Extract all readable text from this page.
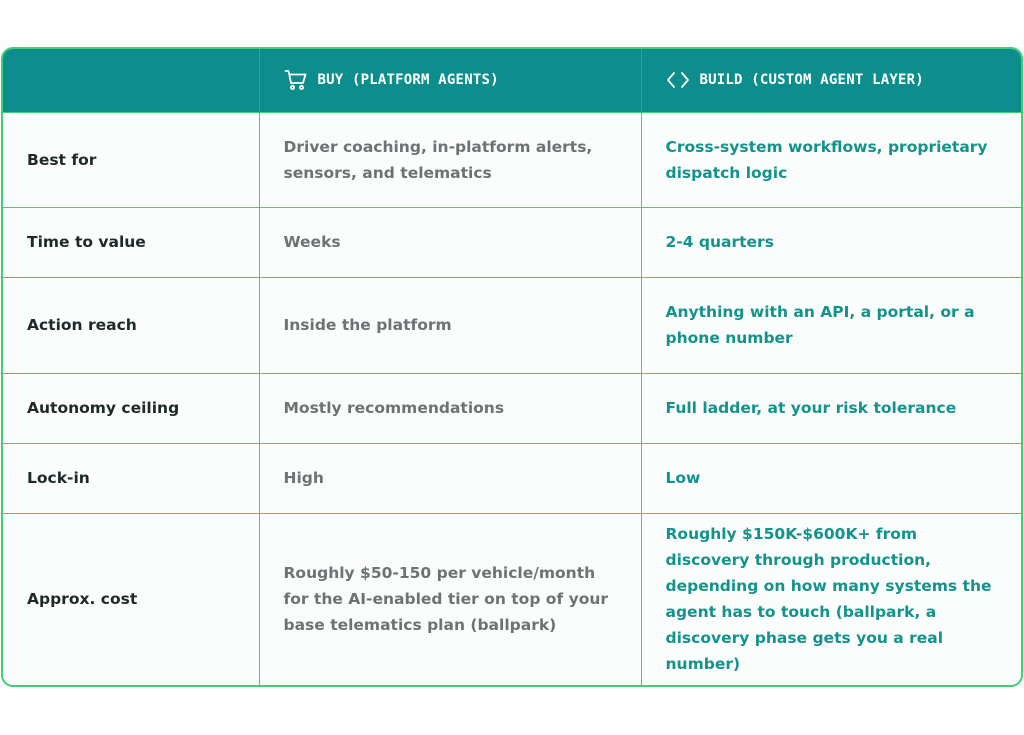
	BUY (PLATFORM AGENTS)	BUILD (CUSTOM AGENT LAYER)

Best for	Driver coaching, in-platform alerts, sensors, and telematics	Cross-system workflows, proprietary dispatch logic
Time to value	Weeks	2-4 quarters
Action reach	Inside the platform	Anything with an API, a portal, or a phone number
Autonomy ceiling	Mostly recommendations	Full ladder, at your risk tolerance
Lock-in	High	Low
Approx. cost	Roughly $50-150 per vehicle/month for the AI-enabled tier on top of your base telematics plan (ballpark)	Roughly $150K-$600K+ from discovery through production, depending on how many systems the agent has to touch (ballpark, a discovery phase gets you a real number)
